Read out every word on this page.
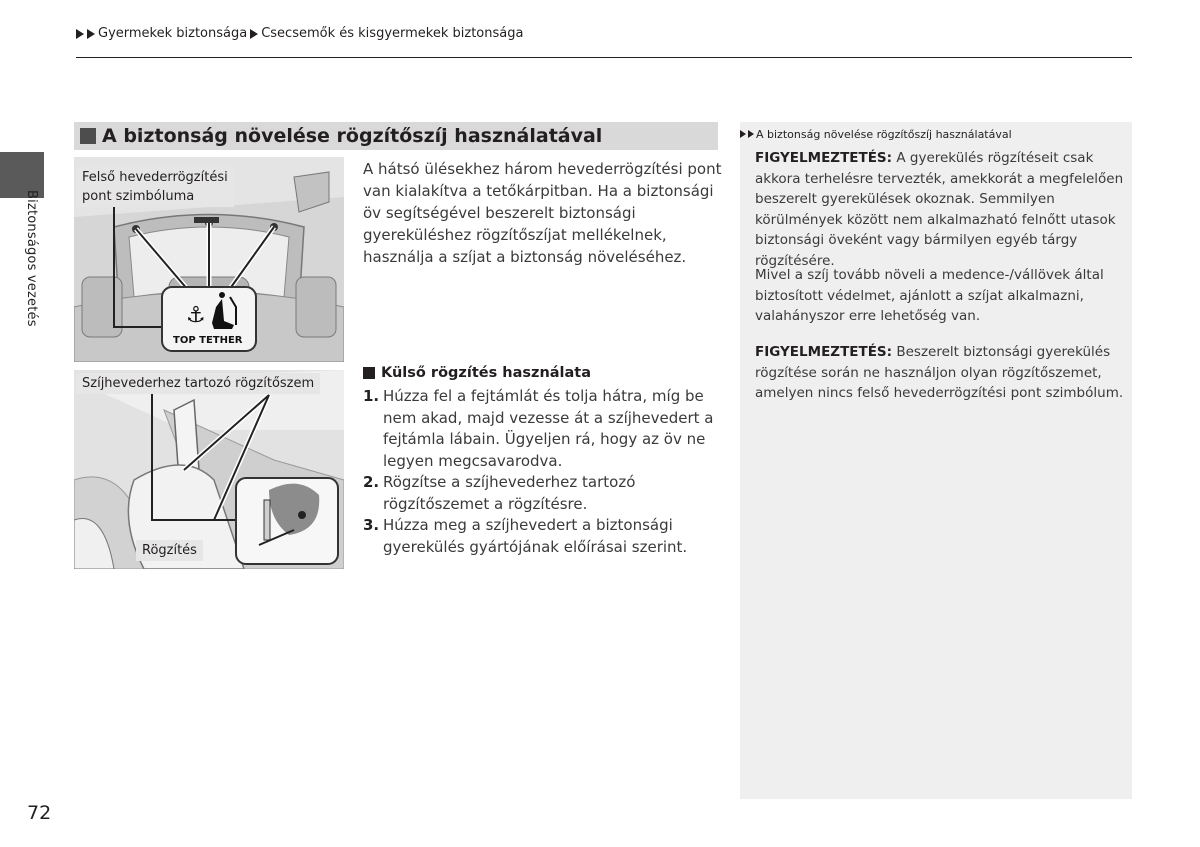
Gyermekek biztonsága Csecsemők és kisgyermekek biztonsága
Biztonságos vezetés
A biztonság növelése rögzítőszíj használatával
⚓
TOP TETHER
Felső hevederrögzítési
pont szimbóluma
Szíjhevederhez tartozó rögzítőszem
Rögzítés

A hátsó ülésekhez három hevederrögzítési pont van kialakítva a tetőkárpitban. Ha a biztonsági öv segítségével beszerelt biztonsági gyereküléshez rögzítőszíjat mellékelnek, használja a szíjat a biztonság növeléséhez.

Külső rögzítés használata
1. Húzza fel a fejtámlát és tolja hátra, míg be nem akad, majd vezesse át a szíjhevedert a fejtámla lábain. Ügyeljen rá, hogy az öv ne legyen megcsavarodva.
2. Rögzítse a szíjhevederhez tartozó rögzítőszemet a rögzítésre.
3. Húzza meg a szíjhevedert a biztonsági gyerekülés gyártójának előírásai szerint.
A biztonság növelése rögzítőszíj használatával

FIGYELMEZTETÉS: A gyerekülés rögzítéseit csak akkora terhelésre tervezték, amekkorát a megfelelően beszerelt gyerekülések okoznak. Semmilyen körülmények között nem alkalmazható felnőtt utasok biztonsági öveként vagy bármilyen egyéb tárgy rögzítésére.

Mivel a szíj tovább növeli a medence-/vállövek által biztosított védelmet, ajánlott a szíjat alkalmazni, valahányszor erre lehetőség van.

FIGYELMEZTETÉS: Beszerelt biztonsági gyerekülés rögzítése során ne használjon olyan rögzítőszemet, amelyen nincs felső hevederrögzítési pont szimbólum.

72
